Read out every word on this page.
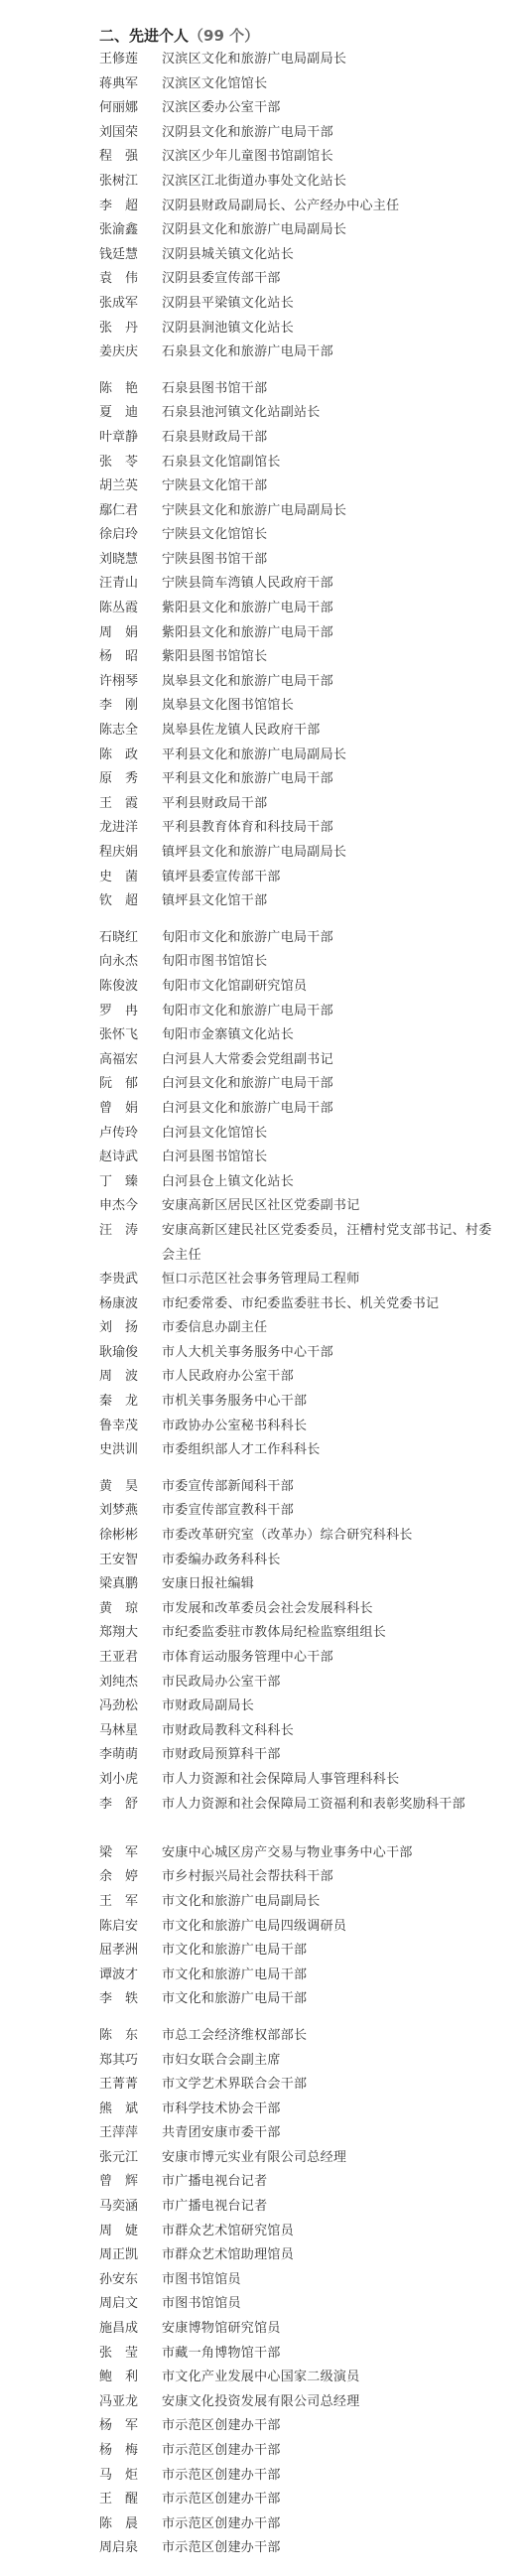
二、先进个人（99 个）
王修莲	汉滨区文化和旅游广电局副局长
蒋典军	汉滨区文化馆馆长
何丽娜	汉滨区委办公室干部
刘国荣	汉阴县文化和旅游广电局干部
程　强	汉滨区少年儿童图书馆副馆长
张树江	汉滨区江北街道办事处文化站长
李　超	汉阴县财政局副局长、公产经办中心主任
张渝鑫	汉阴县文化和旅游广电局副局长
钱廷慧	汉阴县城关镇文化站长
袁　伟	汉阴县委宣传部干部
张成军	汉阴县平梁镇文化站长
张　丹	汉阴县涧池镇文化站长
姜庆庆	石泉县文化和旅游广电局干部
陈　艳	石泉县图书馆干部
夏　迪	石泉县池河镇文化站副站长
叶章静	石泉县财政局干部
张　苓	石泉县文化馆副馆长
胡兰英	宁陕县文化馆干部
鄢仁君	宁陕县文化和旅游广电局副局长
徐启玲	宁陕县文化馆馆长
刘晓慧	宁陕县图书馆干部
汪青山	宁陕县筒车湾镇人民政府干部
陈丛霞	紫阳县文化和旅游广电局干部
周　娟	紫阳县文化和旅游广电局干部
杨　昭	紫阳县图书馆馆长
许栩琴	岚皋县文化和旅游广电局干部
李　刚	岚皋县文化图书馆馆长
陈志全	岚皋县佐龙镇人民政府干部
陈　政	平利县文化和旅游广电局副局长
原　秀	平利县文化和旅游广电局干部
王　霞	平利县财政局干部
龙进洋	平利县教育体育和科技局干部
程庆娟	镇坪县文化和旅游广电局副局长
史　菌	镇坪县委宣传部干部
钦　超	镇坪县文化馆干部
石晓红	旬阳市文化和旅游广电局干部
向永杰	旬阳市图书馆馆长
陈俊波	旬阳市文化馆副研究馆员
罗　冉	旬阳市文化和旅游广电局干部
张怀飞	旬阳市金寨镇文化站长
高福宏	白河县人大常委会党组副书记
阮　郁	白河县文化和旅游广电局干部
曾　娟	白河县文化和旅游广电局干部
卢传玲	白河县文化馆馆长
赵诗武	白河县图书馆馆长
丁　臻	白河县仓上镇文化站长
申杰今	安康高新区居民区社区党委副书记
汪　涛	安康高新区建民社区党委委员，汪槽村党支部书记、村委会主任
李贵武	恒口示范区社会事务管理局工程师
杨康波	市纪委常委、市纪委监委驻书长、机关党委书记
刘　扬	市委信息办副主任
耿瑜俊	市人大机关事务服务中心干部
周　波	市人民政府办公室干部
秦　龙	市机关事务服务中心干部
鲁幸茂	市政协办公室秘书科科长
史洪训	市委组织部人才工作科科长
黄　昊	市委宣传部新闻科干部
刘梦燕	市委宣传部宣教科干部
徐彬彬	市委改革研究室（改革办）综合研究科科长
王安智	市委编办政务科科长
梁真鹏	安康日报社编辑
黄　琼	市发展和改革委员会社会发展科科长
郑翔大	市纪委监委驻市教体局纪检监察组组长
王亚君	市体育运动服务管理中心干部
刘纯杰	市民政局办公室干部
冯劲松	市财政局副局长
马林星	市财政局教科文科科长
李萌萌	市财政局预算科干部
刘小虎	市人力资源和社会保障局人事管理科科长
李　舒	市人力资源和社会保障局工资福利和表彰奖励科干部
梁　军	安康中心城区房产交易与物业事务中心干部
余　婷	市乡村振兴局社会帮扶科干部
王　军	市文化和旅游广电局副局长
陈启安	市文化和旅游广电局四级调研员
屈孝洲	市文化和旅游广电局干部
谭波才	市文化和旅游广电局干部
李　轶	市文化和旅游广电局干部
陈　东	市总工会经济维权部部长
郑其巧	市妇女联合会副主席
王菁菁	市文学艺术界联合会干部
熊　斌	市科学技术协会干部
王萍萍	共青团安康市委干部
张元江	安康市博元实业有限公司总经理
曾　辉	市广播电视台记者
马奕涵	市广播电视台记者
周　婕	市群众艺术馆研究馆员
周正凯	市群众艺术馆助理馆员
孙安东	市图书馆馆员
周启文	市图书馆馆员
施昌成	安康博物馆研究馆员
张　莹	市藏一角博物馆干部
鲍　利	市文化产业发展中心国家二级演员
冯亚龙	安康文化投资发展有限公司总经理
杨　军	市示范区创建办干部
杨　梅	市示范区创建办干部
马　炬	市示范区创建办干部
王　醒	市示范区创建办干部
陈　晨	市示范区创建办干部
周启泉	市示范区创建办干部
